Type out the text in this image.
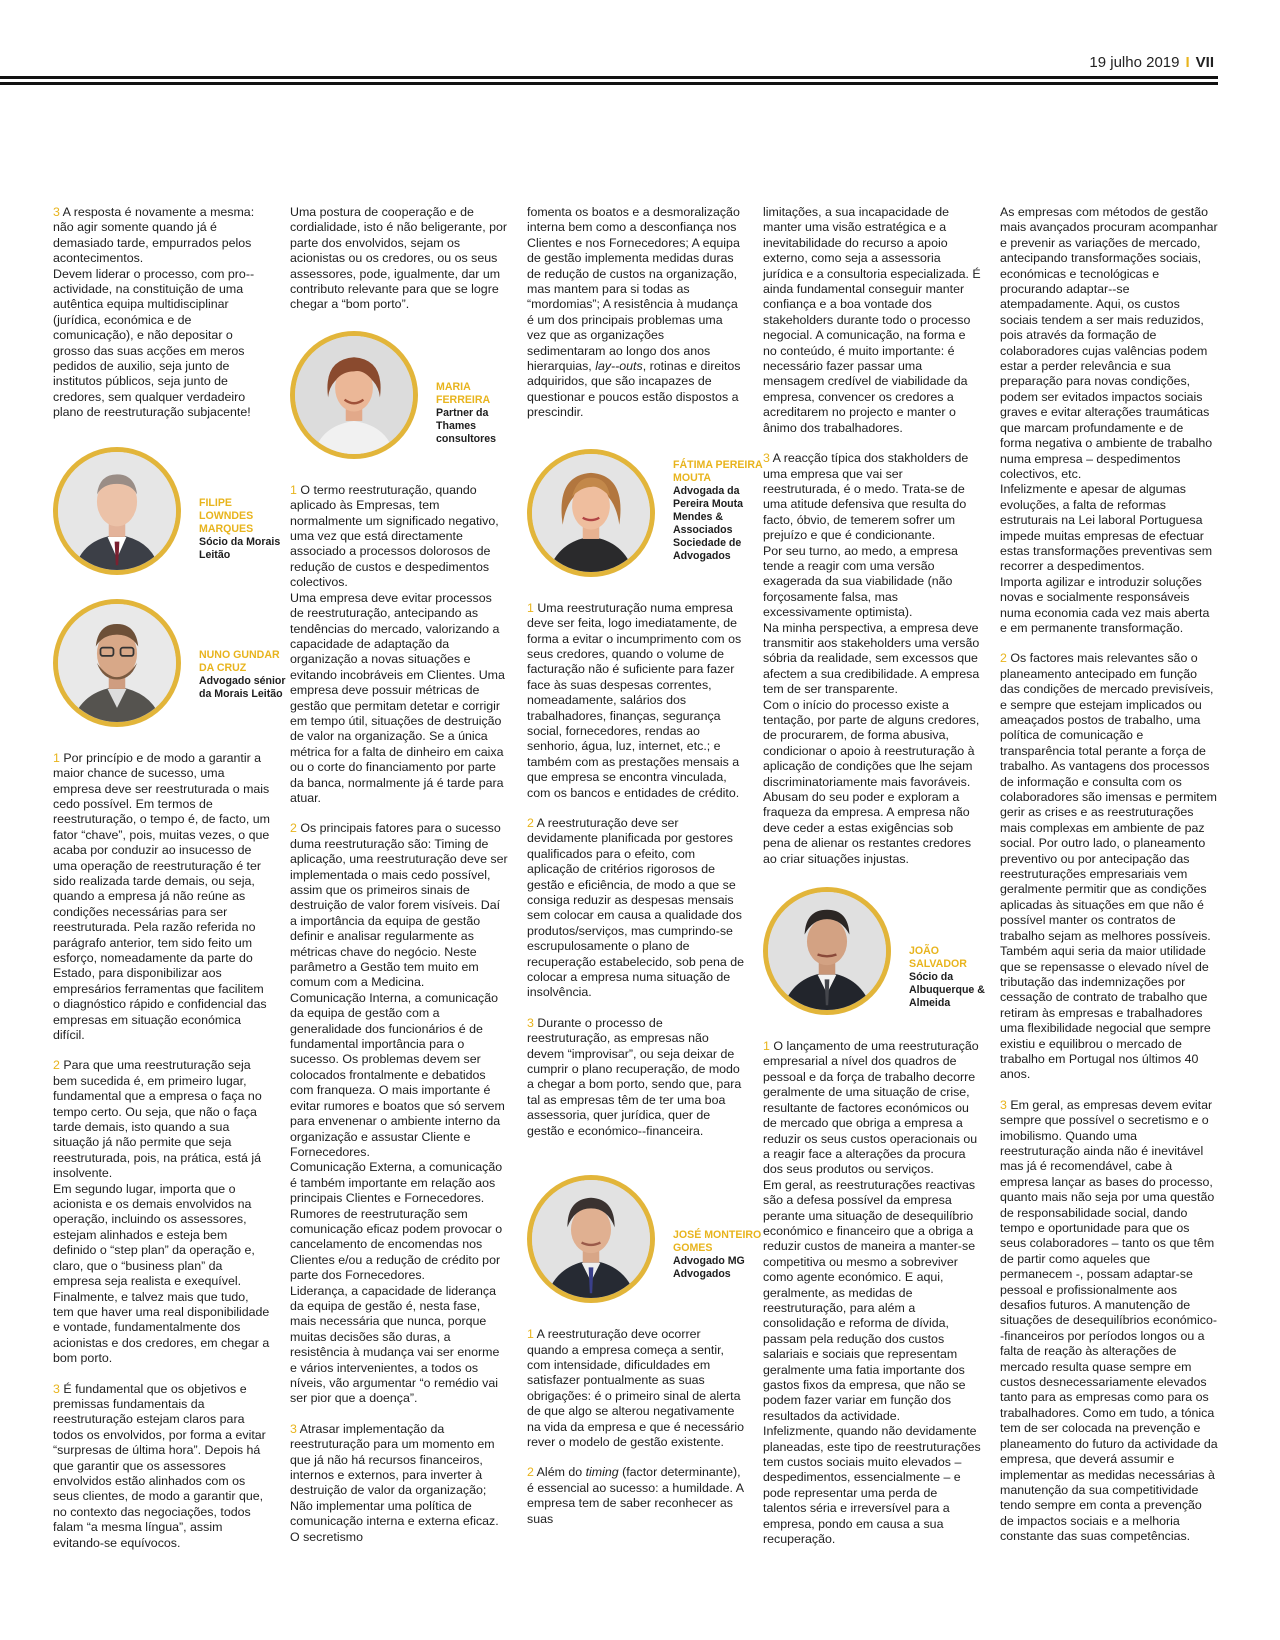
19 julho 2019 I VII

3 A resposta é novamente a mesma: não agir somente quando já é demasiado tarde, empurrados pelos acontecimentos.
Devem liderar o processo, com pro--actividade, na constituição de uma autêntica equipa multidisciplinar (jurídica, económica e de comunicação), e não depositar o grosso das suas acções em meros pedidos de auxilio, seja junto de institutos públicos, seja junto de credores, sem qualquer verdadeiro plano de reestruturação subjacente!

FILIPE LOWNDES MARQUES
Sócio da Morais Leitão
NUNO GUNDAR DA CRUZ
Advogado sénior da Morais Leitão

1 Por princípio e de modo a garantir a maior chance de sucesso, uma empresa deve ser reestruturada o mais cedo possível. Em termos de reestruturação, o tempo é, de facto, um fator “chave”, pois, muitas vezes, o que acaba por conduzir ao insucesso de uma operação de reestruturação é ter sido realizada tarde demais, ou seja, quando a empresa já não reúne as condições necessárias para ser reestruturada. Pela razão referida no parágrafo anterior, tem sido feito um esforço, nomeadamente da parte do Estado, para disponibilizar aos empresários ferramentas que facilitem o diagnóstico rápido e confidencial das empresas em situação económica difícil.

2 Para que uma reestruturação seja bem sucedida é, em primeiro lugar, fundamental que a empresa o faça no tempo certo. Ou seja, que não o faça tarde demais, isto quando a sua situação já não permite que seja reestruturada, pois, na prática, está já insolvente.
Em segundo lugar, importa que o acionista e os demais envolvidos na operação, incluindo os assessores, estejam alinhados e esteja bem definido o “step plan” da operação e, claro, que o “business plan” da empresa seja realista e exequível. Finalmente, e talvez mais que tudo, tem que haver uma real disponibilidade e vontade, fundamentalmente dos acionistas e dos credores, em chegar a bom porto.

3 É fundamental que os objetivos e premissas fundamentais da reestruturação estejam claros para todos os envolvidos, por forma a evitar “surpresas de última hora”. Depois há que garantir que os assessores envolvidos estão alinhados com os seus clientes, de modo a garantir que, no contexto das negociações, todos falam “a mesma língua”, assim evitando-se equívocos.

Uma postura de cooperação e de cordialidade, isto é não beligerante, por parte dos envolvidos, sejam os acionistas ou os credores, ou os seus assessores, pode, igualmente, dar um contributo relevante para que se logre chegar a “bom porto”.

MARIA FERREIRA
Partner da Thames consultores

1 O termo reestruturação, quando aplicado às Empresas, tem normalmente um significado negativo, uma vez que está directamente associado a processos dolorosos de redução de custos e despedimentos colectivos.
Uma empresa deve evitar processos de reestruturação, antecipando as tendências do mercado, valorizando a capacidade de adaptação da organização a novas situações e evitando incobráveis em Clientes. Uma empresa deve possuir métricas de gestão que permitam detetar e corrigir em tempo útil, situações de destruição de valor na organização. Se a única métrica for a falta de dinheiro em caixa ou o corte do financiamento por parte da banca, normalmente já é tarde para atuar.

2 Os principais fatores para o sucesso duma reestruturação são: Timing de aplicação, uma reestruturação deve ser implementada o mais cedo possível, assim que os primeiros sinais de destruição de valor forem visíveis. Daí a importância da equipa de gestão definir e analisar regularmente as métricas chave do negócio. Neste parâmetro a Gestão tem muito em comum com a Medicina.
Comunicação Interna, a comunicação da equipa de gestão com a generalidade dos funcionários é de fundamental importância para o sucesso. Os problemas devem ser colocados frontalmente e debatidos com franqueza. O mais importante é evitar rumores e boatos que só servem para envenenar o ambiente interno da organização e assustar Cliente e Fornecedores.
Comunicação Externa, a comunicação é também importante em relação aos principais Clientes e Fornecedores. Rumores de reestruturação sem comunicação eficaz podem provocar o cancelamento de encomendas nos Clientes e/ou a redução de crédito por parte dos Fornecedores.
Liderança, a capacidade de liderança da equipa de gestão é, nesta fase, mais necessária que nunca, porque muitas decisões são duras, a resistência à mudança vai ser enorme e vários intervenientes, a todos os níveis, vão argumentar “o remédio vai ser pior que a doença”.

3 Atrasar implementação da reestruturação para um momento em que já não há recursos financeiros, internos e externos, para inverter à destruição de valor da organização; Não implementar uma política de comunicação interna e externa eficaz. O secretismo

fomenta os boatos e a desmoralização interna bem como a desconfiança nos Clientes e nos Fornecedores; A equipa de gestão implementa medidas duras de redução de custos na organização, mas mantem para si todas as “mordomias”; A resistência à mudança é um dos principais problemas uma vez que as organizações sedimentaram ao longo dos anos hierarquias, lay--outs, rotinas e direitos adquiridos, que são incapazes de questionar e poucos estão dispostos a prescindir.

FÁTIMA PEREIRA MOUTA
Advogada da Pereira Mouta Mendes & Associados Sociedade de Advogados

1 Uma reestruturação numa empresa deve ser feita, logo imediatamente, de forma a evitar o incumprimento com os seus credores, quando o volume de facturação não é suficiente para fazer face às suas despesas correntes, nomeadamente, salários dos trabalhadores, finanças, segurança social, fornecedores, rendas ao senhorio, água, luz, internet, etc.; e também com as prestações mensais a que empresa se encontra vinculada, com os bancos e entidades de crédito.

2 A reestruturação deve ser devidamente planificada por gestores qualificados para o efeito, com aplicação de critérios rigorosos de gestão e eficiência, de modo a que se consiga reduzir as despesas mensais sem colocar em causa a qualidade dos produtos/serviços, mas cumprindo-se escrupulosamente o plano de recuperação estabelecido, sob pena de colocar a empresa numa situação de insolvência.

3 Durante o processo de reestruturação, as empresas não devem “improvisar”, ou seja deixar de cumprir o plano recuperação, de modo a chegar a bom porto, sendo que, para tal as empresas têm de ter uma boa assessoria, quer jurídica, quer de gestão e económico--financeira.

JOSÉ MONTEIRO GOMES
Advogado MG Advogados

1 A reestruturação deve ocorrer quando a empresa começa a sentir, com intensidade, dificuldades em satisfazer pontualmente as suas obrigações: é o primeiro sinal de alerta de que algo se alterou negativamente na vida da empresa e que é necessário rever o modelo de gestão existente.

2 Além do timing (factor determinante), é essencial ao sucesso: a humildade. A empresa tem de saber reconhecer as suas

limitações, a sua incapacidade de manter uma visão estratégica e a inevitabilidade do recurso a apoio externo, como seja a assessoria jurídica e a consultoria especializada. É ainda fundamental conseguir manter confiança e a boa vontade dos stakeholders durante todo o processo negocial. A comunicação, na forma e no conteúdo, é muito importante: é necessário fazer passar uma mensagem credível de viabilidade da empresa, convencer os credores a acreditarem no projecto e manter o ânimo dos trabalhadores.

3 A reacção típica dos stakholders de uma empresa que vai ser reestruturada, é o medo. Trata-se de uma atitude defensiva que resulta do facto, óbvio, de temerem sofrer um prejuízo e que é condicionante.
Por seu turno, ao medo, a empresa tende a reagir com uma versão exagerada da sua viabilidade (não forçosamente falsa, mas excessivamente optimista).
Na minha perspectiva, a empresa deve transmitir aos stakeholders uma versão sóbria da realidade, sem excessos que afectem a sua credibilidade. A empresa tem de ser transparente.
Com o início do processo existe a tentação, por parte de alguns credores, de procurarem, de forma abusiva, condicionar o apoio à reestruturação à aplicação de condições que lhe sejam discriminatoriamente mais favoráveis. Abusam do seu poder e exploram a fraqueza da empresa. A empresa não deve ceder a estas exigências sob pena de alienar os restantes credores ao criar situações injustas.

JOÃO SALVADOR
Sócio da Albuquerque & Almeida

1 O lançamento de uma reestruturação empresarial a nível dos quadros de pessoal e da força de trabalho decorre geralmente de uma situação de crise, resultante de factores económicos ou de mercado que obriga a empresa a reduzir os seus custos operacionais ou a reagir face a alterações da procura dos seus produtos ou serviços.
Em geral, as reestruturações reactivas são a defesa possível da empresa perante uma situação de desequilíbrio económico e financeiro que a obriga a reduzir custos de maneira a manter-se competitiva ou mesmo a sobreviver como agente económico. E aqui, geralmente, as medidas de reestruturação, para além a consolidação e reforma de dívida, passam pela redução dos custos salariais e sociais que representam geralmente uma fatia importante dos gastos fixos da empresa, que não se podem fazer variar em função dos resultados da actividade.
Infelizmente, quando não devidamente planeadas, este tipo de reestruturações tem custos sociais muito elevados – despedimentos, essencialmente – e pode representar uma perda de talentos séria e irreversível para a empresa, pondo em causa a sua recuperação.

As empresas com métodos de gestão mais avançados procuram acompanhar e prevenir as variações de mercado, antecipando transformações sociais, económicas e tecnológicas e procurando adaptar--se atempadamente. Aqui, os custos sociais tendem a ser mais reduzidos, pois através da formação de colaboradores cujas valências podem estar a perder relevância e sua preparação para novas condições, podem ser evitados impactos sociais graves e evitar alterações traumáticas que marcam profundamente e de forma negativa o ambiente de trabalho numa empresa – despedimentos colectivos, etc.
Infelizmente e apesar de algumas evoluções, a falta de reformas estruturais na Lei laboral Portuguesa impede muitas empresas de efectuar estas transformações preventivas sem recorrer a despedimentos.
Importa agilizar e introduzir soluções novas e socialmente responsáveis numa economia cada vez mais aberta e em permanente transformação.

2 Os factores mais relevantes são o planeamento antecipado em função das condições de mercado previsíveis, e sempre que estejam implicados ou ameaçados postos de trabalho, uma política de comunicação e transparência total perante a força de trabalho. As vantagens dos processos de informação e consulta com os colaboradores são imensas e permitem gerir as crises e as reestruturações mais complexas em ambiente de paz social. Por outro lado, o planeamento preventivo ou por antecipação das reestruturações empresariais vem geralmente permitir que as condições aplicadas às situações em que não é possível manter os contratos de trabalho sejam as melhores possíveis.
Também aqui seria da maior utilidade que se repensasse o elevado nível de tributação das indemnizações por cessação de contrato de trabalho que retiram às empresas e trabalhadores uma flexibilidade negocial que sempre existiu e equilibrou o mercado de trabalho em Portugal nos últimos 40 anos.

3 Em geral, as empresas devem evitar sempre que possível o secretismo e o imobilismo. Quando uma reestruturação ainda não é inevitável mas já é recomendável, cabe à empresa lançar as bases do processo, quanto mais não seja por uma questão de responsabilidade social, dando tempo e oportunidade para que os seus colaboradores – tanto os que têm de partir como aqueles que permanecem -, possam adaptar-se pessoal e profissionalmente aos desafios futuros. A manutenção de situações de desequilíbrios económico--financeiros por períodos longos ou a falta de reação às alterações de mercado resulta quase sempre em custos desnecessariamente elevados tanto para as empresas como para os trabalhadores. Como em tudo, a tónica tem de ser colocada na prevenção e planeamento do futuro da actividade da empresa, que deverá assumir e implementar as medidas necessárias à manutenção da sua competitividade tendo sempre em conta a prevenção de impactos sociais e a melhoria constante das suas competências.
